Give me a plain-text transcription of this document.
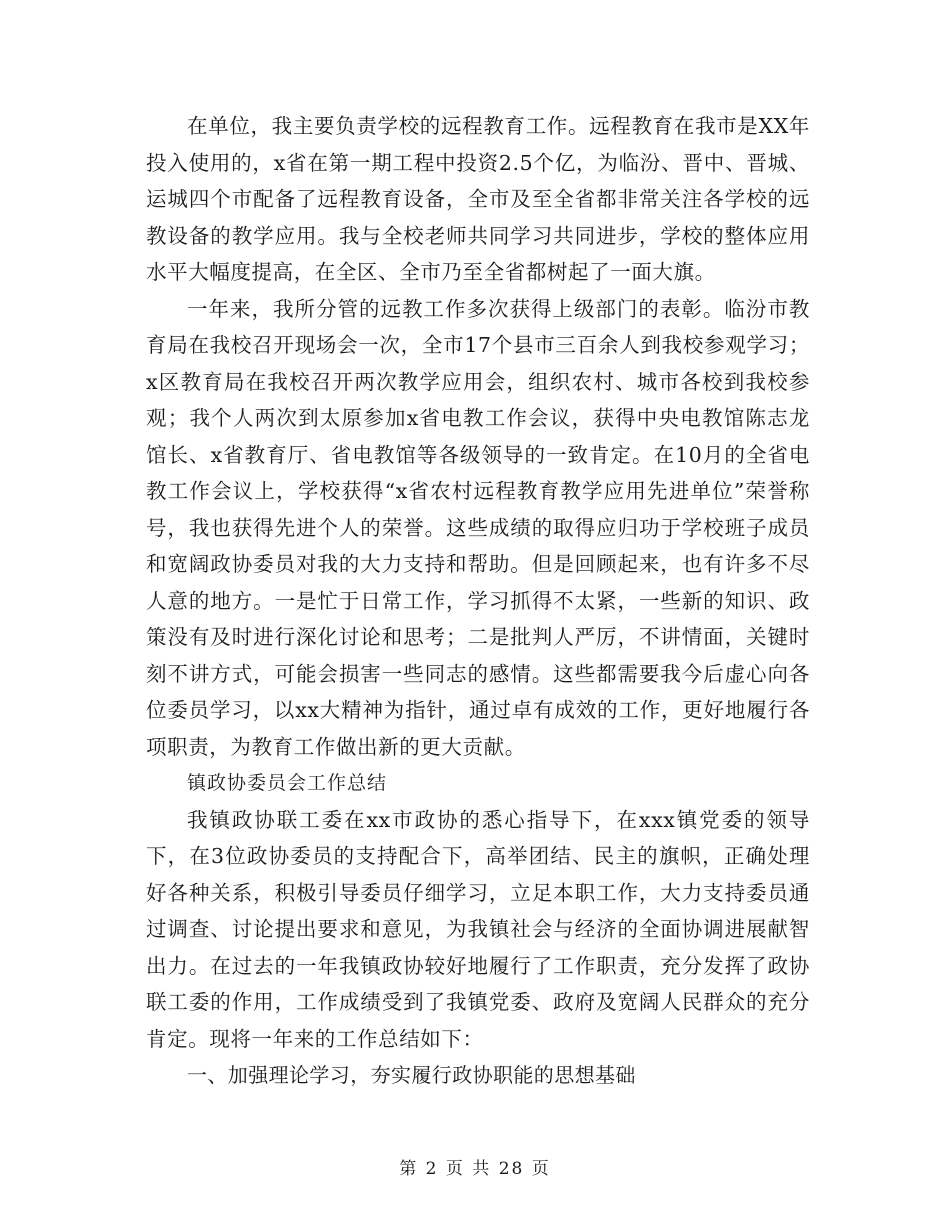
在单位，我主要负责学校的远程教育工作。远程教育在我市是XX年投入使用的，x省在第一期工程中投资2.5个亿，为临汾、晋中、晋城、运城四个市配备了远程教育设备，全市及至全省都非常关注各学校的远教设备的教学应用。我与全校老师共同学习共同进步，学校的整体应用水平大幅度提高，在全区、全市乃至全省都树起了一面大旗。

一年来，我所分管的远教工作多次获得上级部门的表彰。临汾市教育局在我校召开现场会一次，全市17个县市三百余人到我校参观学习；x区教育局在我校召开两次教学应用会，组织农村、城市各校到我校参观；我个人两次到太原参加x省电教工作会议，获得中央电教馆陈志龙馆长、x省教育厅、省电教馆等各级领导的一致肯定。在10月的全省电教工作会议上，学校获得“x省农村远程教育教学应用先进单位”荣誉称号，我也获得先进个人的荣誉。这些成绩的取得应归功于学校班子成员和宽阔政协委员对我的大力支持和帮助。但是回顾起来，也有许多不尽人意的地方。一是忙于日常工作，学习抓得不太紧，一些新的知识、政策没有及时进行深化讨论和思考；二是批判人严厉，不讲情面，关键时刻不讲方式，可能会损害一些同志的感情。这些都需要我今后虚心向各位委员学习，以xx大精神为指针，通过卓有成效的工作，更好地履行各项职责，为教育工作做出新的更大贡献。

镇政协委员会工作总结

我镇政协联工委在xx市政协的悉心指导下，在xxx镇党委的领导下，在3位政协委员的支持配合下，高举团结、民主的旗帜，正确处理好各种关系，积极引导委员仔细学习，立足本职工作，大力支持委员通过调查、讨论提出要求和意见，为我镇社会与经济的全面协调进展献智出力。在过去的一年我镇政协较好地履行了工作职责，充分发挥了政协联工委的作用，工作成绩受到了我镇党委、政府及宽阔人民群众的充分肯定。现将一年来的工作总结如下：

一、加强理论学习，夯实履行政协职能的思想基础

第 2 页 共 28 页
